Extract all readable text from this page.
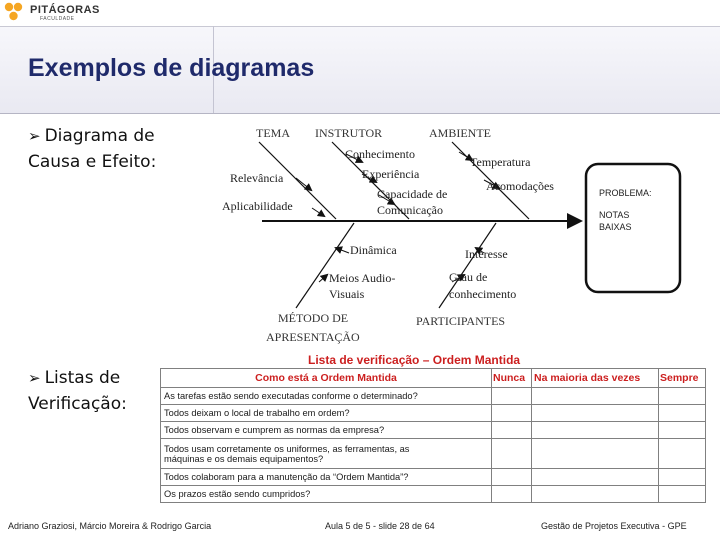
PITÁGORAS
FACULDADE
Exemplos de diagramas
➢ Diagrama de
Causa e Efeito:
➢ Listas de
Verificação:
TEMA INSTRUTOR	AMBIENTE
MÉTODO DE
APRESENTAÇÃO
PARTICIPANTES
Relevância
Aplicabilidade
Conhecimento
Experiência
Capacidade de
Comunicação
Temperatura
Acomodações
Dinâmica
Meios Audio-
Visuais
Interesse
Grau de
conhecimento
PROBLEMA:
NOTAS
BAIXAS
Lista de verificação – Ordem Mantida
Como está a Ordem Mantida	Nunca	Na maioria das vezes	Sempre
As tarefas estão sendo executadas conforme o determinado?			
Todos deixam o local de trabalho em ordem?			
Todos observam e cumprem as normas da empresa?			

Todos usam corretamente os uniformes, as ferramentas, as
máquinas e os demais equipamentos?			

Todos colaboram para a manutenção da “Ordem Mantida”?			
Os prazos estão sendo cumpridos?			
Adriano Graziosi, Márcio Moreira & Rodrigo Garcia	Aula 5 de 5 - slide 28 de 64	Gestão de Projetos Executiva - GPE
